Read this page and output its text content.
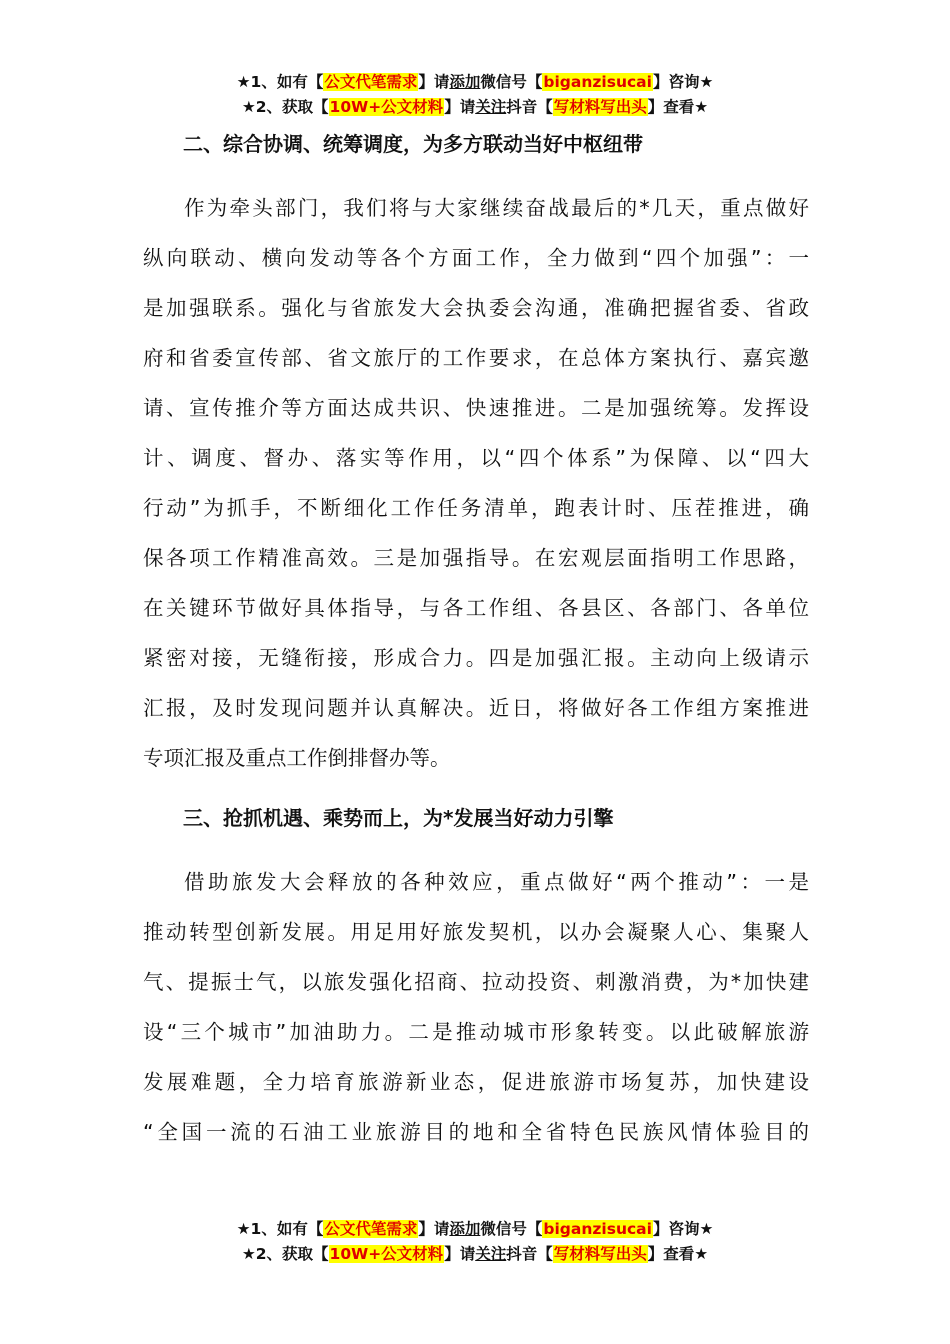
★1、如有【公文代笔需求】请添加微信号【biganzisucai】咨询★
★2、获取【10W+公文材料】请关注抖音【写材料写出头】查看★
二、综合协调、统筹调度，为多方联动当好中枢纽带
作为牵头部门，我们将与大家继续奋战最后的*几天，重点做好
纵向联动、横向发动等各个方面工作，全力做到“四个加强”：一
是加强联系。强化与省旅发大会执委会沟通，准确把握省委、省政
府和省委宣传部、省文旅厅的工作要求，在总体方案执行、嘉宾邀
请、宣传推介等方面达成共识、快速推进。二是加强统筹。发挥设
计、调度、督办、落实等作用，以“四个体系”为保障、以“四大
行动”为抓手，不断细化工作任务清单，跑表计时、压茬推进，确
保各项工作精准高效。三是加强指导。在宏观层面指明工作思路，
在关键环节做好具体指导，与各工作组、各县区、各部门、各单位
紧密对接，无缝衔接，形成合力。四是加强汇报。主动向上级请示
汇报，及时发现问题并认真解决。近日，将做好各工作组方案推进
专项汇报及重点工作倒排督办等。
三、抢抓机遇、乘势而上，为*发展当好动力引擎
借助旅发大会释放的各种效应，重点做好“两个推动”：一是
推动转型创新发展。用足用好旅发契机，以办会凝聚人心、集聚人
气、提振士气，以旅发强化招商、拉动投资、刺激消费，为*加快建
设“三个城市”加油助力。二是推动城市形象转变。以此破解旅游
发展难题，全力培育旅游新业态，促进旅游市场复苏，加快建设
“全国一流的石油工业旅游目的地和全省特色民族风情体验目的
★1、如有【公文代笔需求】请添加微信号【biganzisucai】咨询★
★2、获取【10W+公文材料】请关注抖音【写材料写出头】查看★
